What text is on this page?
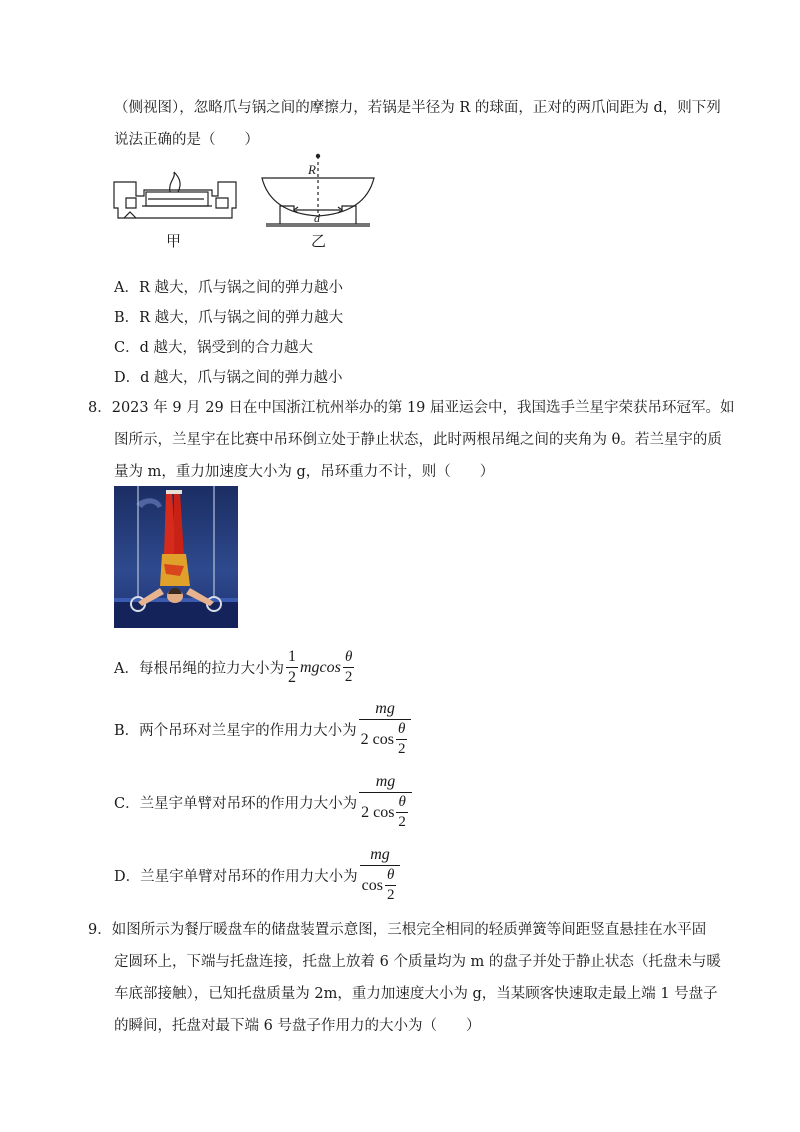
（侧视图），忽略爪与锅之间的摩擦力，若锅是半径为 R 的球面，正对的两爪间距为 d，则下列
说法正确的是（　　）
甲
R
d
乙
A．R 越大，爪与锅之间的弹力越小
B．R 越大，爪与锅之间的弹力越大
C．d 越大，锅受到的合力越大
D．d 越大，爪与锅之间的弹力越小
8．2023 年 9 月 29 日在中国浙江杭州举办的第 19 届亚运会中，我国选手兰星宇荣获吊环冠军。如
图所示，兰星宇在比赛中吊环倒立处于静止状态，此时两根吊绳之间的夹角为 θ。若兰星宇的质
量为 m，重力加速度大小为 g，吊环重力不计，则（　　）
A．每根吊绳的拉力大小为 $\frac{1}{2}$ mgcos $\frac{\theta}{2}$
B．两个吊环对兰星宇的作用力大小为 $\frac{mg}{2 \cos \frac{\theta}{2}}$
C．兰星宇单臂对吊环的作用力大小为 $\frac{mg}{2 \cos \frac{\theta}{2}}$
D．兰星宇单臂对吊环的作用力大小为 $\frac{mg}{\cos \frac{\theta}{2}}$
9．如图所示为餐厅暖盘车的储盘装置示意图，三根完全相同的轻质弹簧等间距竖直悬挂在水平固
定圆环上，下端与托盘连接，托盘上放着 6 个质量均为 m 的盘子并处于静止状态（托盘未与暖
车底部接触），已知托盘质量为 2m，重力加速度大小为 g，当某顾客快速取走最上端 1 号盘子
的瞬间，托盘对最下端 6 号盘子作用力的大小为（　　）
